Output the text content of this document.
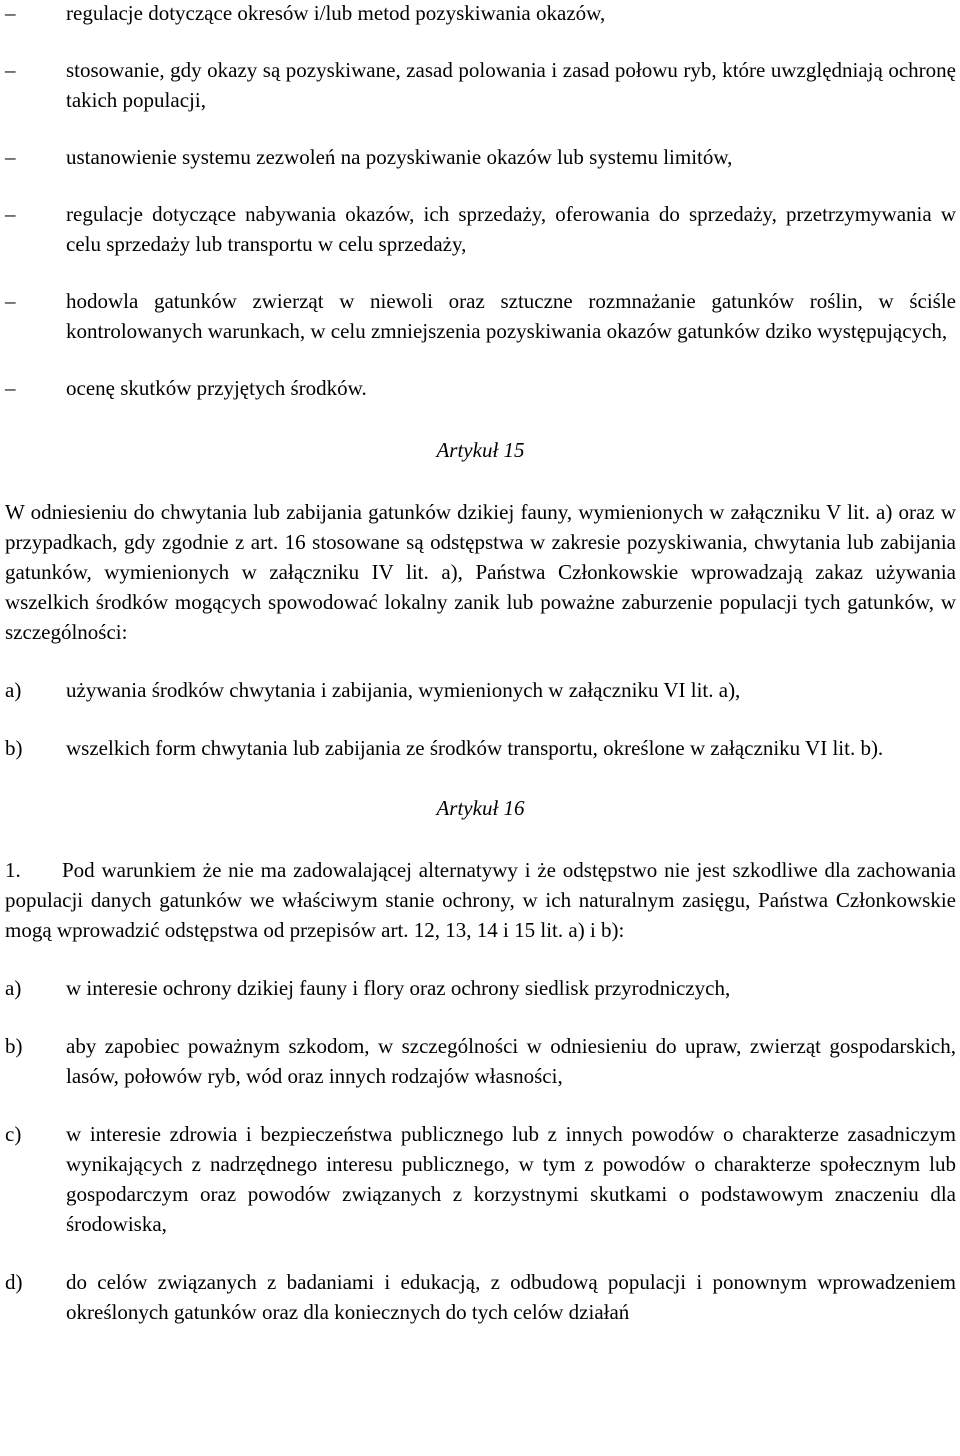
–	regulacje dotyczące okresów i/lub metod pozyskiwania okazów,
–	stosowanie, gdy okazy są pozyskiwane, zasad polowania i zasad połowu ryb, które uwzględniają ochronę takich populacji,
–	ustanowienie systemu zezwoleń na pozyskiwanie okazów lub systemu limitów,
–	regulacje dotyczące nabywania okazów, ich sprzedaży, oferowania do sprzedaży, przetrzymywania w celu sprzedaży lub transportu w celu sprzedaży,
–	hodowla gatunków zwierząt w niewoli oraz sztuczne rozmnażanie gatunków roślin, w ściśle kontrolowanych warunkach, w celu zmniejszenia pozyskiwania okazów gatunków dziko występujących,
–	ocenę skutków przyjętych środków.
Artykuł 15
W odniesieniu do chwytania lub zabijania gatunków dzikiej fauny, wymienionych w załączniku V lit. a) oraz w przypadkach, gdy zgodnie z art. 16 stosowane są odstępstwa w zakresie pozyskiwania, chwytania lub zabijania gatunków, wymienionych w załączniku IV lit. a), Państwa Członkowskie wprowadzają zakaz używania wszelkich środków mogących spowodować lokalny zanik lub poważne zaburzenie populacji tych gatunków, w szczególności:
a)	używania środków chwytania i zabijania, wymienionych w załączniku VI lit. a),
b)	wszelkich form chwytania lub zabijania ze środków transportu, określone w załączniku VI lit. b).
Artykuł 16
1. Pod warunkiem że nie ma zadowalającej alternatywy i że odstępstwo nie jest szkodliwe dla zachowania populacji danych gatunków we właściwym stanie ochrony, w ich naturalnym zasięgu, Państwa Członkowskie mogą wprowadzić odstępstwa od przepisów art. 12, 13, 14 i 15 lit. a) i b):
a)	w interesie ochrony dzikiej fauny i flory oraz ochrony siedlisk przyrodniczych,
b)	aby zapobiec poważnym szkodom, w szczególności w odniesieniu do upraw, zwierząt gospodarskich, lasów, połowów ryb, wód oraz innych rodzajów własności,
c)	w interesie zdrowia i bezpieczeństwa publicznego lub z innych powodów o charakterze zasadniczym wynikających z nadrzędnego interesu publicznego, w tym z powodów o charakterze społecznym lub gospodarczym oraz powodów związanych z korzystnymi skutkami o podstawowym znaczeniu dla środowiska,
d)	do celów związanych z badaniami i edukacją, z odbudową populacji i ponownym wprowadzeniem określonych gatunków oraz dla koniecznych do tych celów działań
